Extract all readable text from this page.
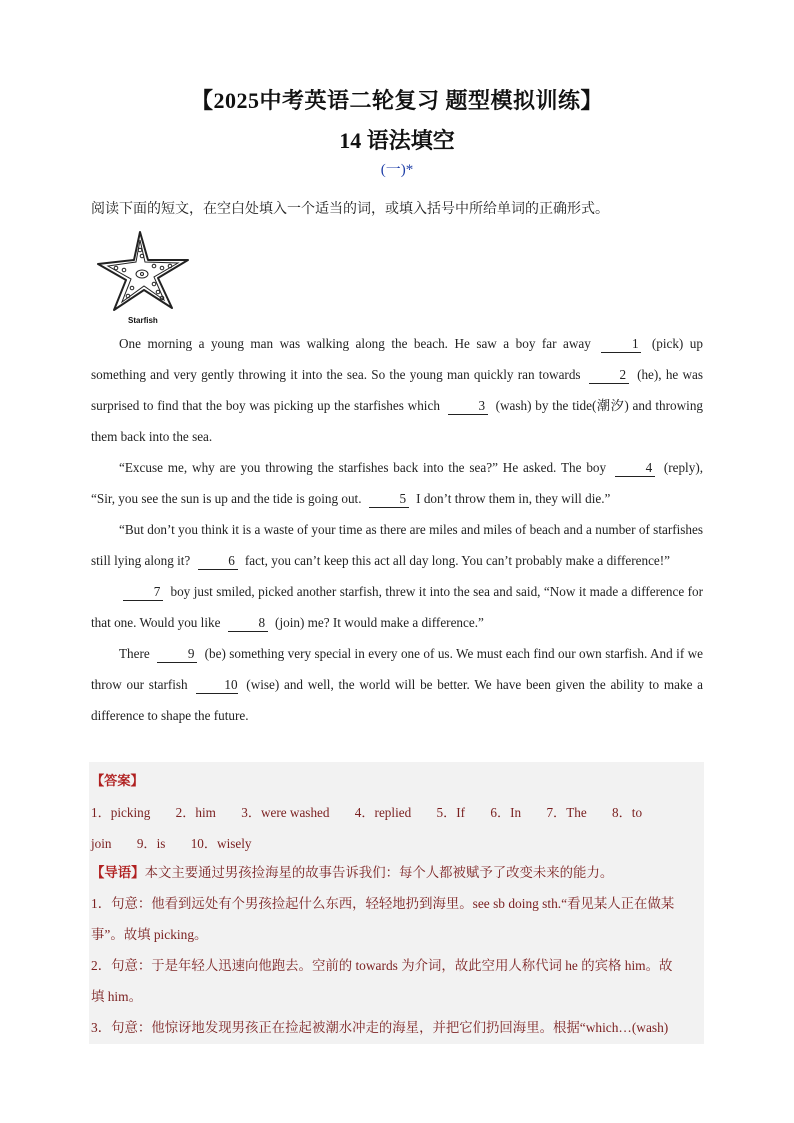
【2025中考英语二轮复习 题型模拟训练】
14 语法填空
(一)*
阅读下面的短文，在空白处填入一个适当的词，或填入括号中所给单词的正确形式。
Starfish

One morning a young man was walking along the beach. He saw a boy far away	1 (pick) up something and very gently throwing it into the sea. So the young man quickly ran towards	2 (he), he was surprised to find that the boy was picking up the starfishes which	3 (wash) by the tide(潮汐) and throwing them back into the sea.

“Excuse me, why are you throwing the starfishes back into the sea?” He asked. The boy	4 (reply), “Sir, you see the sun is up and the tide is going out.	5 I don’t throw them in, they will die.”

“But don’t you think it is a waste of your time as there are miles and miles of beach and a number of starfishes still lying along it?	6 fact, you can’t keep this act all day long. You can’t probably make a difference!”

7 boy just smiled, picked another starfish, threw it into the sea and said, “Now it made a difference for that one. Would you like	8 (join) me? It would make a difference.”

There	9 (be) something very special in every one of us. We must each find our own starfish. And if we throw our starfish	10 (wise) and well, the world will be better. We have been given the ability to make a difference to shape the future.

【答案】
1．picking 2．him 3．were washed 4．replied 5．If 6．In 7．The 8．to
join 9．is 10．wisely
【导语】本文主要通过男孩捡海星的故事告诉我们：每个人都被赋予了改变未来的能力。
1．句意：他看到远处有个男孩捡起什么东西，轻轻地扔到海里。see sb doing sth.“看见某人正在做某
事”。故填 picking。
2．句意：于是年轻人迅速向他跑去。空前的 towards 为介词，故此空用人称代词 he 的宾格 him。故
填 him。
3．句意：他惊讶地发现男孩正在捡起被潮水冲走的海星，并把它们扔回海里。根据“which…(wash)
